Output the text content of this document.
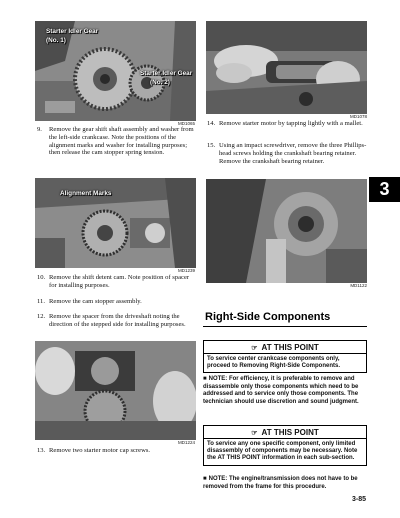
Starter Idler Gear
(No. 1)
Starter Idler Gear
(No. 2)
MD1065
MD1078
9.	Remove the gear shift shaft assembly and washer from the left-side crankcase. Note the positions of the alignment marks and washer for installing purposes; then release the cam stopper spring tension.
14. Remove starter motor by tapping lightly with a mallet.
15. Using an impact screwdriver, remove the three Phillips-head screws holding the crankshaft bearing retainer. Remove the crankshaft bearing retainer.
3
Alignment Marks
MD1239
MD1122
10. Remove the shift detent cam. Note position of spacer for installing purposes.
11. Remove the cam stopper assembly.
12. Remove the spacer from the driveshaft noting the direction of the stepped side for installing purposes.
MD1224
13. Remove two starter motor cap screws.
Right-Side Components
☞ AT THIS POINT
To service center crankcase components only, proceed to Removing Right-Side Components.
■ NOTE: For efficiency, it is preferable to remove and disassemble only those components which need to be addressed and to service only those components. The technician should use discretion and sound judgment.
☞ AT THIS POINT
To service any one specific component, only limited disassembly of components may be necessary. Note the AT THIS POINT information in each sub-section.
■ NOTE: The engine/transmission does not have to be removed from the frame for this procedure.
3-85
